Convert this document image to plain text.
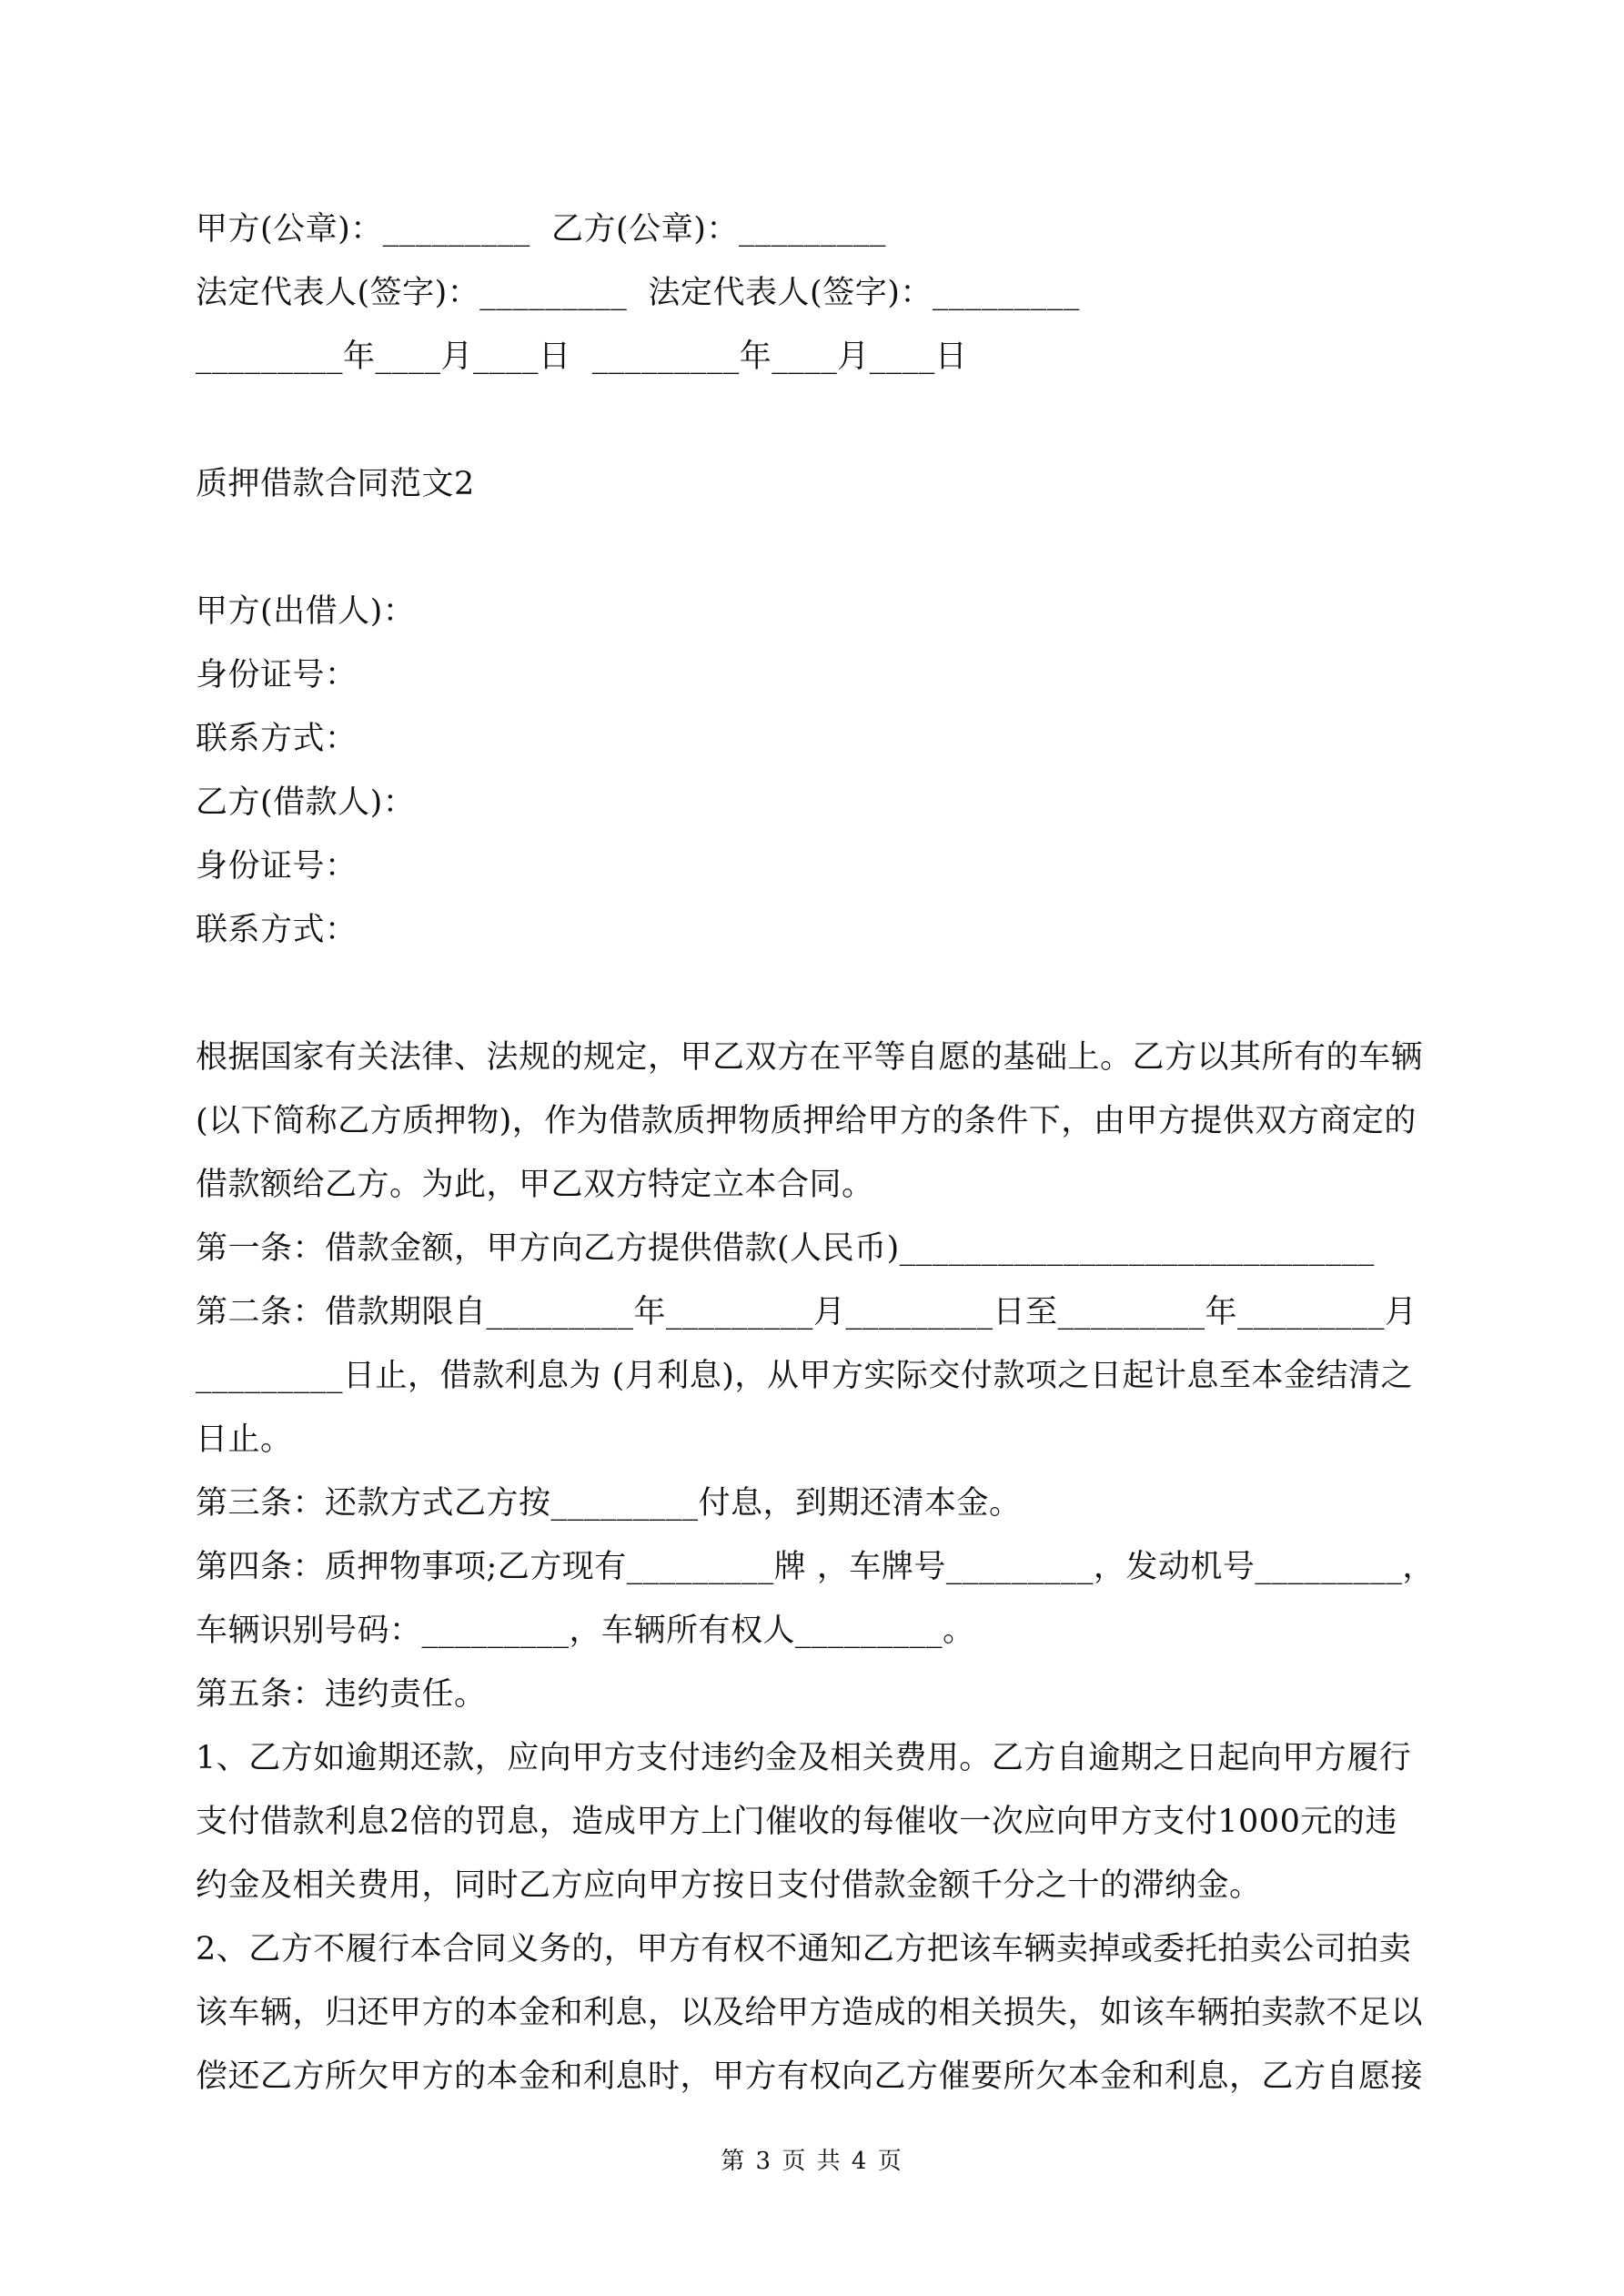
甲方(公章)：_________  乙方(公章)：_________
法定代表人(签字)：_________  法定代表人(签字)：_________
_________年____月____日  _________年____月____日
质押借款合同范文2
甲方(出借人)：
身份证号：
联系方式：
乙方(借款人)：
身份证号：
联系方式：
根据国家有关法律、法规的规定，甲乙双方在平等自愿的基础上。乙方以其所有的车辆
(以下简称乙方质押物)，作为借款质押物质押给甲方的条件下，由甲方提供双方商定的
借款额给乙方。为此，甲乙双方特定立本合同。
第一条：借款金额，甲方向乙方提供借款(人民币)_____________________________
第二条：借款期限自_________年_________月_________日至_________年_________月
_________日止，借款利息为 (月利息)，从甲方实际交付款项之日起计息至本金结清之
日止。
第三条：还款方式乙方按_________付息，到期还清本金。
第四条：质押物事项;乙方现有_________牌 ，车牌号_________，发动机号_________，
车辆识别号码：_________，车辆所有权人_________。
第五条：违约责任。
1、乙方如逾期还款，应向甲方支付违约金及相关费用。乙方自逾期之日起向甲方履行
支付借款利息2倍的罚息，造成甲方上门催收的每催收一次应向甲方支付1000元的违
约金及相关费用，同时乙方应向甲方按日支付借款金额千分之十的滞纳金。
2、乙方不履行本合同义务的，甲方有权不通知乙方把该车辆卖掉或委托拍卖公司拍卖
该车辆，归还甲方的本金和利息，以及给甲方造成的相关损失，如该车辆拍卖款不足以
偿还乙方所欠甲方的本金和利息时，甲方有权向乙方催要所欠本金和利息，乙方自愿接
第 3 页 共 4 页
